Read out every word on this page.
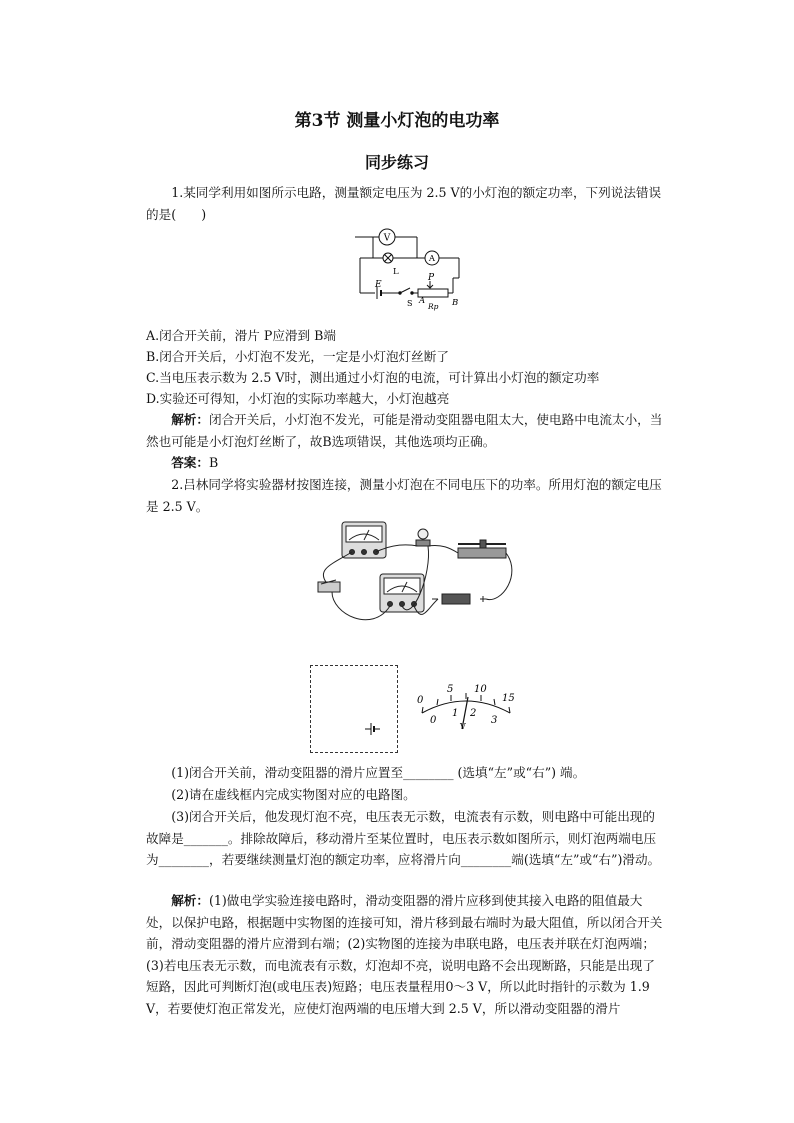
第3节 测量小灯泡的电功率
同步练习
1.某同学利用如图所示电路，测量额定电压为 2.5 V的小灯泡的额定功率，下列说法错误的是(　　)
V
A
L
E
S
P
A	B
Rp
A.闭合开关前，滑片 P应滑到 B端
B.闭合开关后，小灯泡不发光，一定是小灯泡灯丝断了
C.当电压表示数为 2.5 V时，测出通过小灯泡的电流，可计算出小灯泡的额定功率
D.实验还可得知，小灯泡的实际功率越大，小灯泡越亮
解析：闭合开关后，小灯泡不发光，可能是滑动变阻器电阻太大，使电路中电流太小，当然也可能是小灯泡灯丝断了，故B选项错误，其他选项均正确。
答案：B
2.吕林同学将实验器材按图连接，测量小灯泡在不同电压下的功率。所用灯泡的额定电压是 2.5 V。
0
5 10
15
0
1 2
3
V
(1)闭合开关前，滑动变阻器的滑片应置至________ (选填“左”或“右”) 端。
(2)请在虚线框内完成实物图对应的电路图。
(3)闭合开关后，他发现灯泡不亮，电压表无示数，电流表有示数，则电路中可能出现的故障是_______。排除故障后，移动滑片至某位置时，电压表示数如图所示，则灯泡两端电压为________，若要继续测量灯泡的额定功率，应将滑片向________端(选填“左”或“右”)滑动。
解析：(1)做电学实验连接电路时，滑动变阻器的滑片应移到使其接入电路的阻值最大处，以保护电路，根据题中实物图的连接可知，滑片移到最右端时为最大阻值，所以闭合开关前，滑动变阻器的滑片应滑到右端；(2)实物图的连接为串联电路，电压表并联在灯泡两端；(3)若电压表无示数，而电流表有示数，灯泡却不亮，说明电路不会出现断路，只能是出现了短路，因此可判断灯泡(或电压表)短路；电压表量程用0～3 V，所以此时指针的示数为 1.9 V，若要使灯泡正常发光，应使灯泡两端的电压增大到 2.5 V，所以滑动变阻器的滑片
